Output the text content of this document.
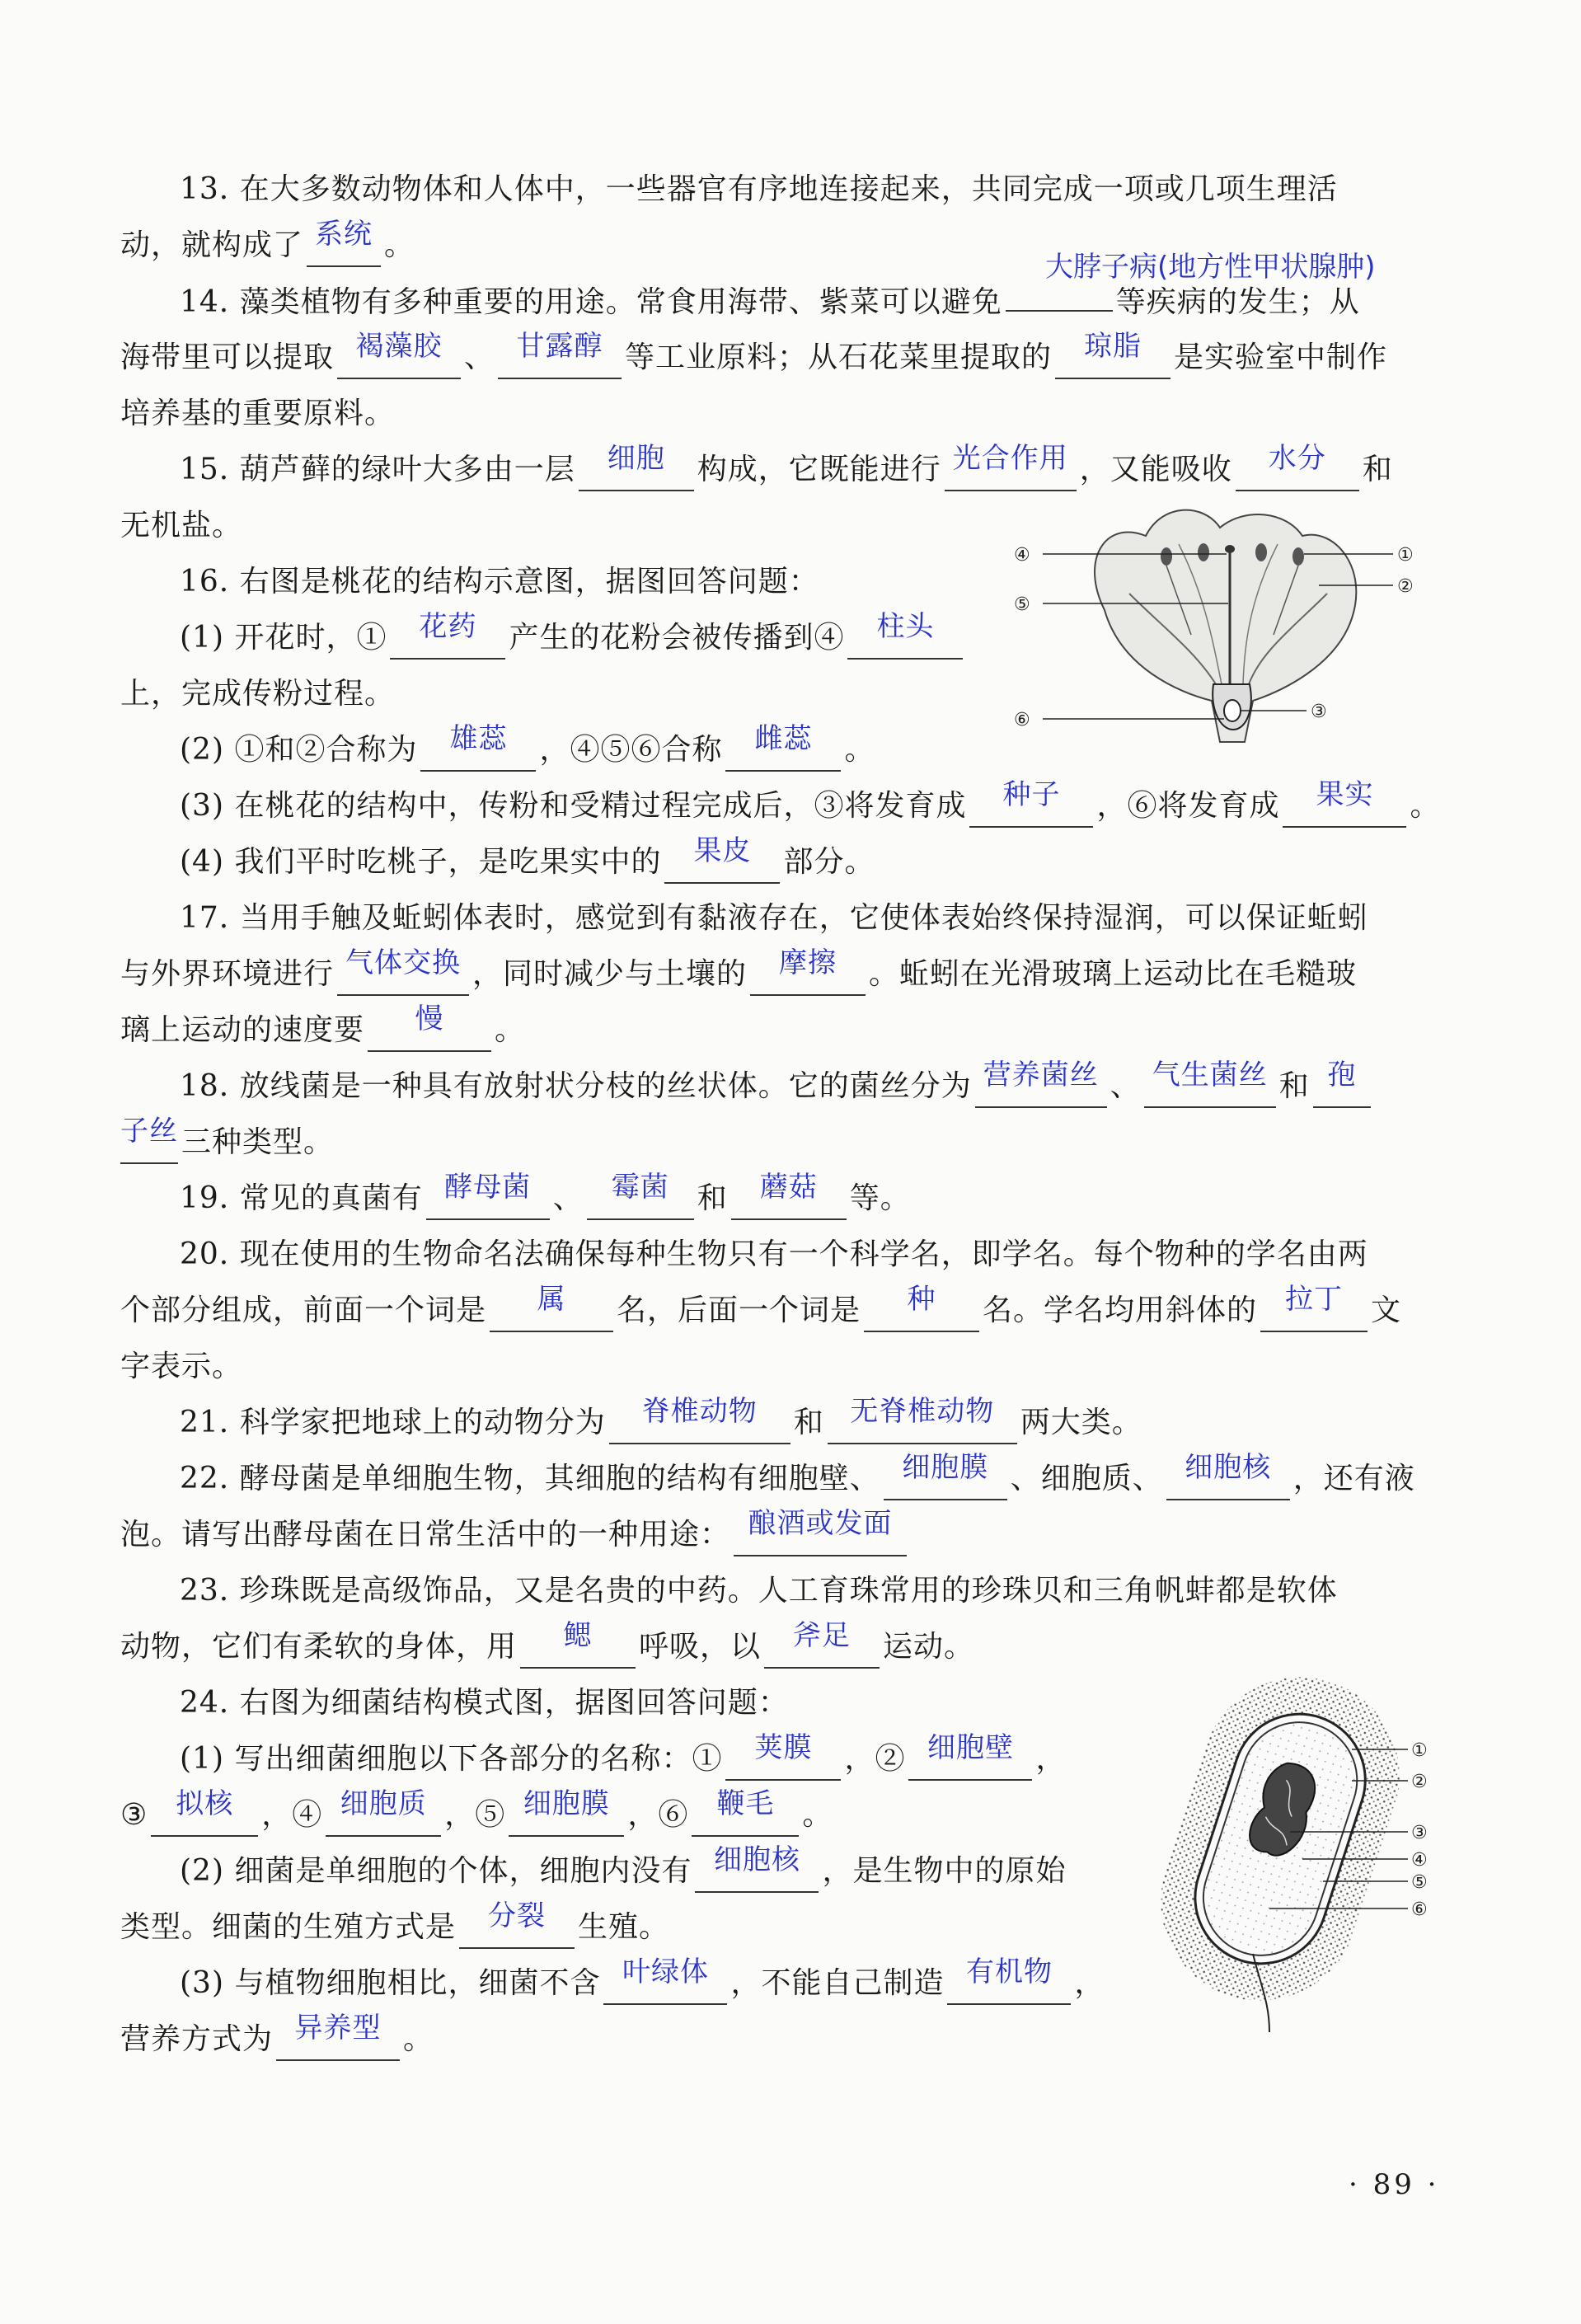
13. 在大多数动物体和人体中，一些器官有序地连接起来，共同完成一项或几项生理活
动，就构成了 系统 。
大脖子病(地方性甲状腺肿)
14. 藻类植物有多种重要的用途。常食用海带、紫菜可以避免	等疾病的发生；从
海带里可以提取 褐藻胶 、 甘露醇 等工业原料；从石花菜里提取的 琼脂 是实验室中制作
培养基的重要原料。
15. 葫芦藓的绿叶大多由一层 细胞 构成，它既能进行 光合作用 ，又能吸收 水分 和
无机盐。
16. 右图是桃花的结构示意图，据图回答问题：
(1) 开花时，① 花药 产生的花粉会被传播到④ 柱头
上，完成传粉过程。
(2) ①和②合称为 雄蕊 ，④⑤⑥合称 雌蕊 。
(3) 在桃花的结构中，传粉和受精过程完成后，③将发育成 种子 ，⑥将发育成 果实 。
(4) 我们平时吃桃子，是吃果实中的 果皮 部分。
④
⑤
⑥
①
②
③
17. 当用手触及蚯蚓体表时，感觉到有黏液存在，它使体表始终保持湿润，可以保证蚯蚓
与外界环境进行 气体交换 ，同时减少与土壤的 摩擦 。蚯蚓在光滑玻璃上运动比在毛糙玻
璃上运动的速度要 慢 。
18. 放线菌是一种具有放射状分枝的丝状体。它的菌丝分为 营养菌丝 、 气生菌丝 和 孢
子丝 三种类型。
19. 常见的真菌有 酵母菌 、 霉菌 和 蘑菇 等。
20. 现在使用的生物命名法确保每种生物只有一个科学名，即学名。每个物种的学名由两
个部分组成，前面一个词是 属 名，后面一个词是 种 名。学名均用斜体的 拉丁 文
字表示。
21. 科学家把地球上的动物分为 脊椎动物 和 无脊椎动物 两大类。
22. 酵母菌是单细胞生物，其细胞的结构有细胞壁、 细胞膜 、细胞质、 细胞核 ，还有液
泡。请写出酵母菌在日常生活中的一种用途： 酿酒或发面
23. 珍珠既是高级饰品，又是名贵的中药。人工育珠常用的珍珠贝和三角帆蚌都是软体
动物，它们有柔软的身体，用 鳃 呼吸，以 斧足 运动。
24. 右图为细菌结构模式图，据图回答问题：
(1) 写出细菌细胞以下各部分的名称：① 荚膜 ，② 细胞壁 ，
③ 拟核 ，④ 细胞质 ，⑤ 细胞膜 ，⑥ 鞭毛 。
(2) 细菌是单细胞的个体，细胞内没有 细胞核 ，是生物中的原始
类型。细菌的生殖方式是 分裂 生殖。
(3) 与植物细胞相比，细菌不含 叶绿体 ，不能自己制造 有机物 ，
营养方式为 异养型 。
①
②
③
④
⑤
⑥
· 89 ·
